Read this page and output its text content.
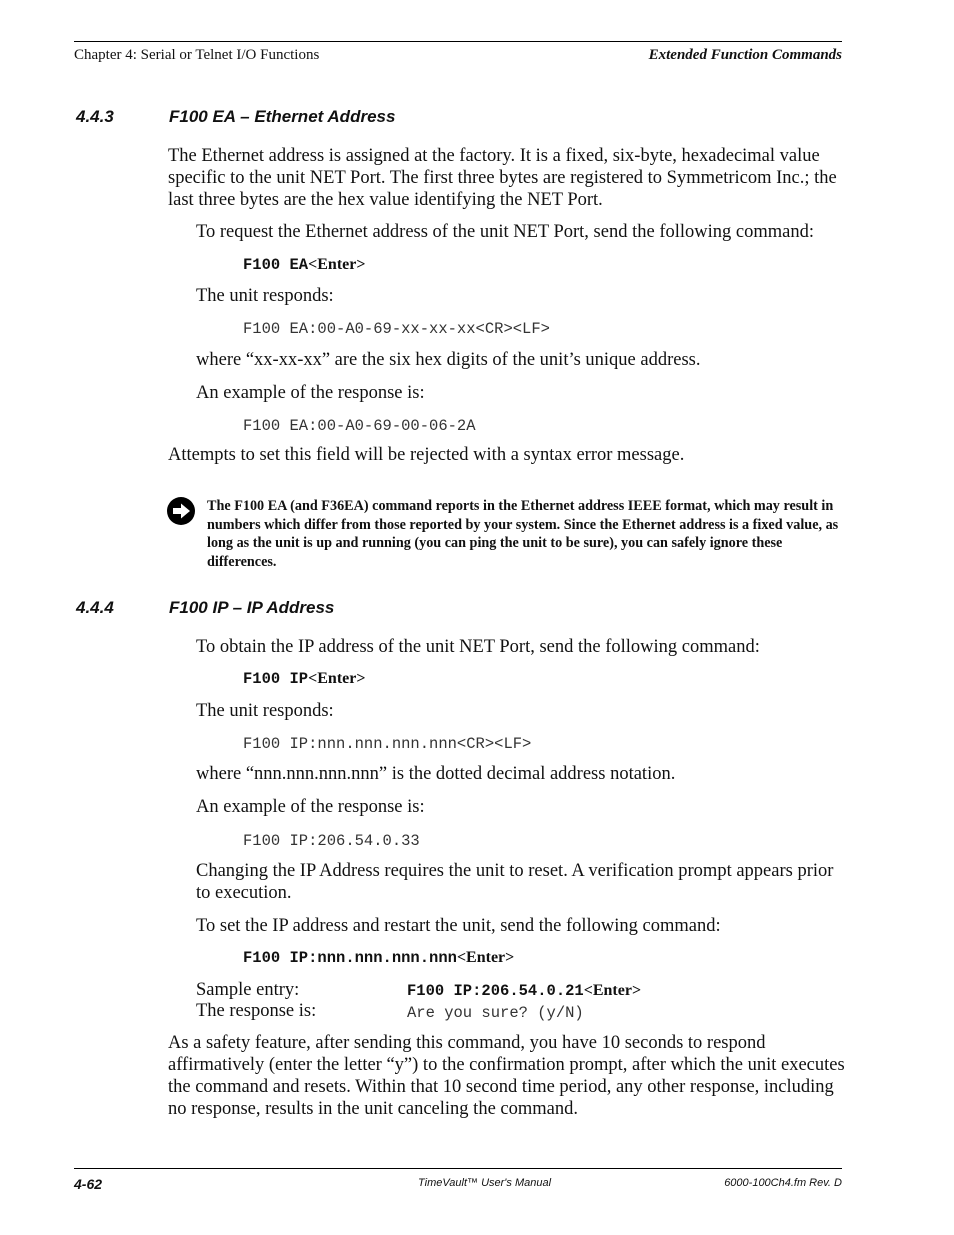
Chapter 4: Serial or Telnet I/O Functions	Extended Function Commands
4.4.3	F100 EA – Ethernet Address
The Ethernet address is assigned at the factory. It is a fixed, six-byte, hexadecimal value specific to the unit NET Port. The first three bytes are registered to Symmetricom Inc.; the last three bytes are the hex value identifying the NET Port.
To request the Ethernet address of the unit NET Port, send the following command:
F100 EA<Enter>
The unit responds:
F100 EA:00-A0-69-xx-xx-xx<CR><LF>
where “xx-xx-xx” are the six hex digits of the unit’s unique address.
An example of the response is:
F100 EA:00-A0-69-00-06-2A
Attempts to set this field will be rejected with a syntax error message.
The F100 EA (and F36EA) command reports in the Ethernet address IEEE format, which may result in numbers which differ from those reported by your system. Since the Ethernet address is a fixed value, as long as the unit is up and running (you can ping the unit to be sure), you can safely ignore these differences.
4.4.4	F100 IP – IP Address
To obtain the IP address of the unit NET Port, send the following command:
F100 IP<Enter>
The unit responds:
F100 IP:nnn.nnn.nnn.nnn<CR><LF>
where “nnn.nnn.nnn.nnn” is the dotted decimal address notation.
An example of the response is:
F100 IP:206.54.0.33
Changing the IP Address requires the unit to reset. A verification prompt appears prior to execution.
To set the IP address and restart the unit, send the following command:
F100 IP:nnn.nnn.nnn.nnn<Enter>
Sample entry:	F100 IP:206.54.0.21<Enter>
The response is:	Are you sure? (y/N)
As a safety feature, after sending this command, you have 10 seconds to respond affirmatively (enter the letter “y”) to the confirmation prompt, after which the unit executes the command and resets. Within that 10 second time period, any other response, including no response, results in the unit canceling the command.
4-62	TimeVault™ User's Manual	6000-100Ch4.fm Rev. D
